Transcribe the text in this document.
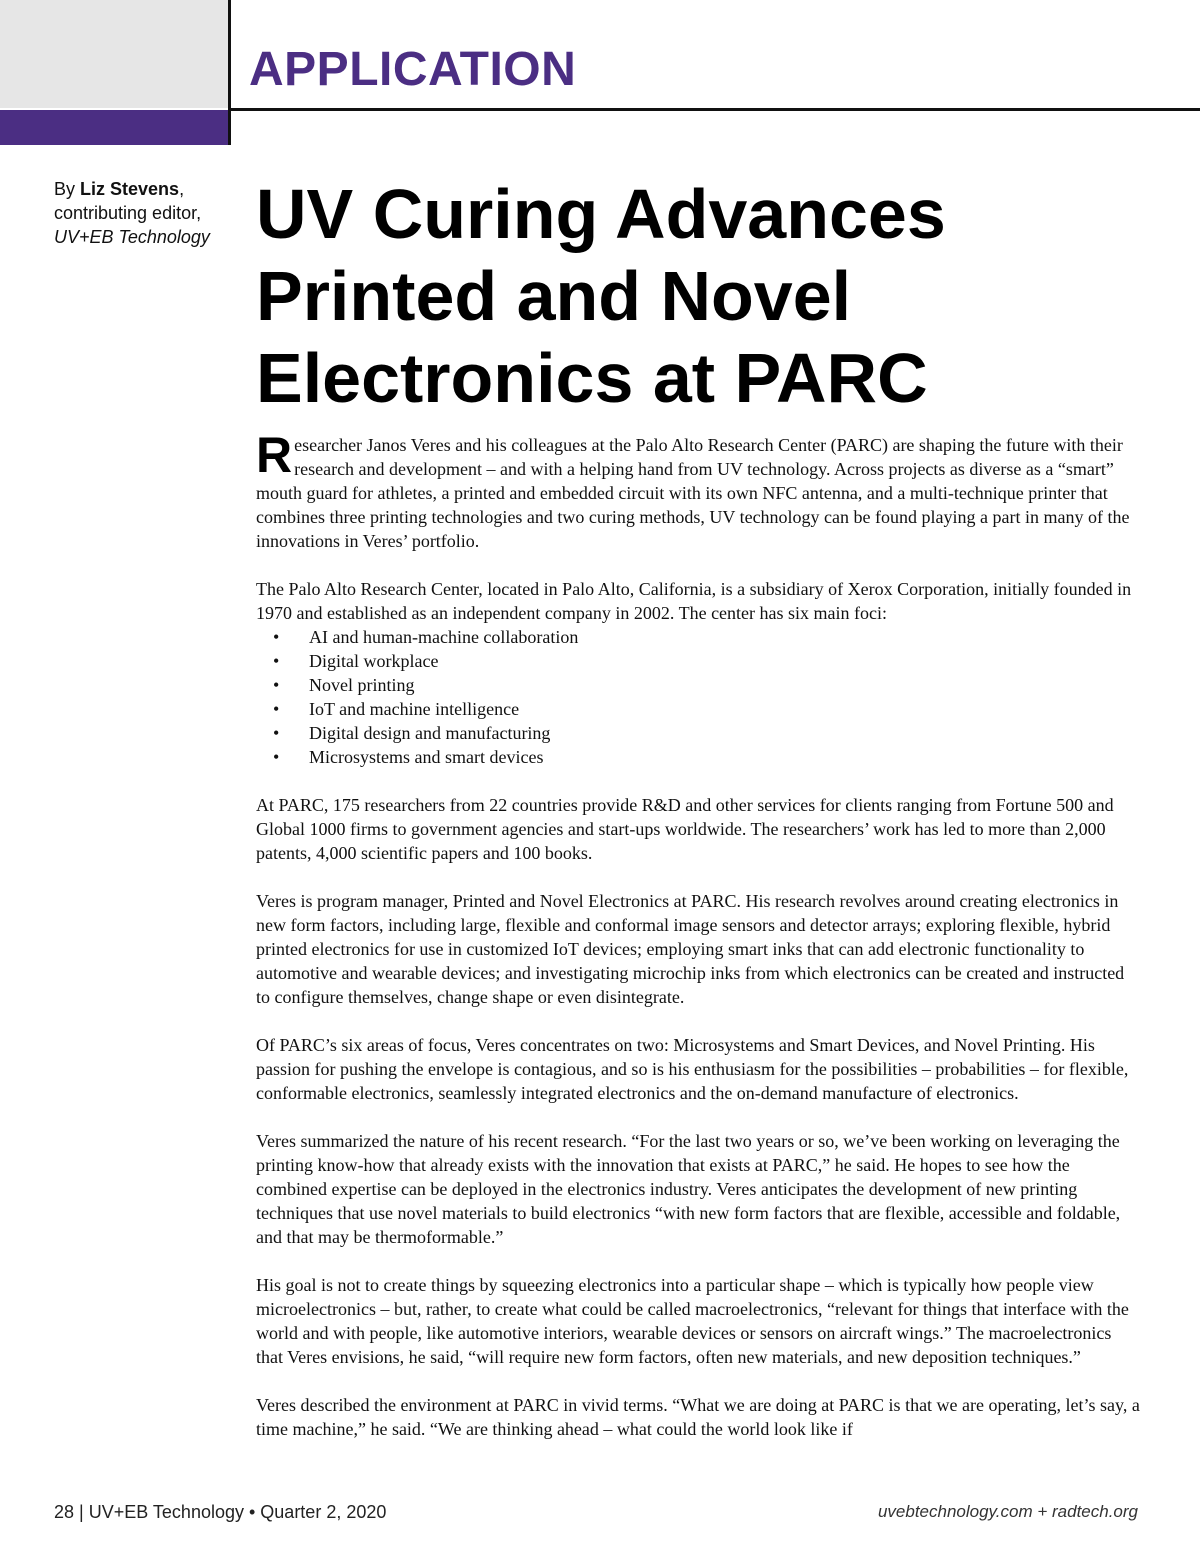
APPLICATION
By Liz Stevens,
contributing editor,
UV+EB Technology UV Curing Advances Printed and Novel Electronics at PARC

Researcher Janos Veres and his colleagues at the Palo Alto Research Center (PARC) are shaping the future with their research and development – and with a helping hand from UV technology. Across projects as diverse as a “smart” mouth guard for athletes, a printed and embedded circuit with its own NFC antenna, and a multi-technique printer that combines three printing technologies and two curing methods, UV technology can be found playing a part in many of the innovations in Veres’ portfolio.

The Palo Alto Research Center, located in Palo Alto, California, is a subsidiary of Xerox Corporation, initially founded in 1970 and established as an independent company in 2002. The center has six main foci:

• AI and human-machine collaboration
• Digital workplace
• Novel printing
• IoT and machine intelligence
• Digital design and manufacturing
• Microsystems and smart devices

At PARC, 175 researchers from 22 countries provide R&D and other services for clients ranging from Fortune 500 and Global 1000 firms to government agencies and start-ups worldwide. The researchers’ work has led to more than 2,000 patents, 4,000 scientific papers and 100 books.

Veres is program manager, Printed and Novel Electronics at PARC. His research revolves around creating electronics in new form factors, including large, flexible and conformal image sensors and detector arrays; exploring flexible, hybrid printed electronics for use in customized IoT devices; employing smart inks that can add electronic functionality to automotive and wearable devices; and investigating microchip inks from which electronics can be created and instructed to configure themselves, change shape or even disintegrate.

Of PARC’s six areas of focus, Veres concentrates on two: Microsystems and Smart Devices, and Novel Printing. His passion for pushing the envelope is contagious, and so is his enthusiasm for the possibilities – probabilities – for flexible, conformable electronics, seamlessly integrated electronics and the on-demand manufacture of electronics.

Veres summarized the nature of his recent research. “For the last two years or so, we’ve been working on leveraging the printing know-how that already exists with the innovation that exists at PARC,” he said. He hopes to see how the combined expertise can be deployed in the electronics industry. Veres anticipates the development of new printing techniques that use novel materials to build electronics “with new form factors that are flexible, accessible and foldable, and that may be thermoformable.”

His goal is not to create things by squeezing electronics into a particular shape – which is typically how people view microelectronics – but, rather, to create what could be called macroelectronics, “relevant for things that interface with the world and with people, like automotive interiors, wearable devices or sensors on aircraft wings.” The macroelectronics that Veres envisions, he said, “will require new form factors, often new materials, and new deposition techniques.”

Veres described the environment at PARC in vivid terms. “What we are doing at PARC is that we are operating, let’s say, a time machine,” he said. “We are thinking ahead – what could the world look like if

28 | UV+EB Technology • Quarter 2, 2020	uvebtechnology.com + radtech.org
